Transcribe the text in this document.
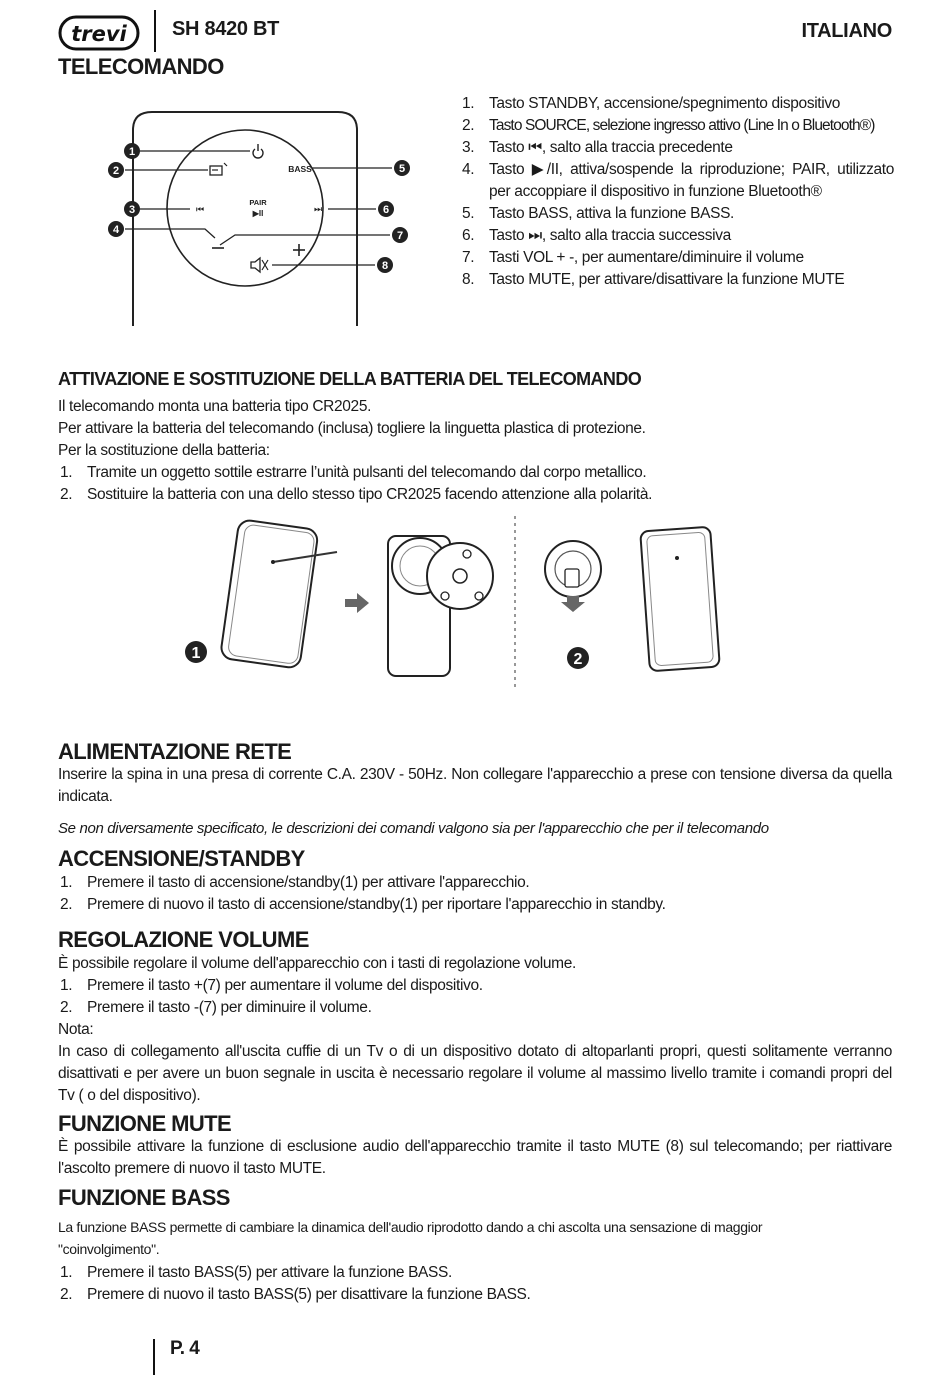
trevi SH 8420 BT	ITALIANO
TELECOMANDO
BASS
⏮
PAIR
▶II	⏭
1
2
3
4
5
6
7
8
1. Tasto STANDBY, accensione/spegnimento dispositivo
2. Tasto SOURCE, selezione ingresso attivo (Line In o Bluetooth®)
3. Tasto ⏮, salto alla traccia precedente
4. Tasto ▶/II, attiva/sospende la riproduzione; PAIR, utilizzato per accoppiare il dispositivo in funzione Bluetooth®
5. Tasto BASS, attiva la funzione BASS.
6. Tasto ⏭, salto alla traccia successiva
7. Tasti VOL + -, per aumentare/diminuire il volume
8. Tasto MUTE, per attivare/disattivare la funzione MUTE
ATTIVAZIONE E SOSTITUZIONE DELLA BATTERIA DEL TELECOMANDO

Il telecomando monta una batteria tipo CR2025.

Per attivare la batteria del telecomando (inclusa) togliere la linguetta plastica di protezione.

Per la sostituzione della batteria:

1. Tramite un oggetto sottile estrarre l’unità pulsanti del telecomando dal corpo metallico.
2. Sostituire la batteria con una dello stesso tipo CR2025 facendo attenzione alla polarità.
1	2
ALIMENTAZIONE RETE
Inserire la spina in una presa di corrente C.A. 230V - 50Hz. Non collegare l'apparecchio a prese con tensione diversa da quella indicata.
Se non diversamente specificato, le descrizioni dei comandi valgono sia per l'apparecchio che per il telecomando
ACCENSIONE/STANDBY
1. Premere il tasto di accensione/standby(1) per attivare l'apparecchio.
2. Premere di nuovo il tasto di accensione/standby(1) per riportare l'apparecchio in standby.
REGOLAZIONE VOLUME

È possibile regolare il volume dell'apparecchio con i tasti di regolazione volume.

1. Premere il tasto +(7) per aumentare il volume del dispositivo.
2. Premere il tasto -(7) per diminuire il volume.

Nota:

In caso di collegamento all'uscita cuffie di un Tv o di un dispositivo dotato di altoparlanti propri, questi solitamente verranno disattivati e per avere un buon segnale in uscita è necessario regolare il volume al massimo livello tramite i comandi propri del Tv ( o del dispositivo).

FUNZIONE MUTE
È possibile attivare la funzione di esclusione audio dell'apparecchio tramite il tasto MUTE (8) sul telecomando; per riattivare l'ascolto premere di nuovo il tasto MUTE.
FUNZIONE BASS
La funzione BASS permette di cambiare la dinamica dell'audio riprodotto dando a chi ascolta una sensazione di maggior "coinvolgimento".
1. Premere il tasto BASS(5) per attivare la funzione BASS.
2. Premere di nuovo il tasto BASS(5) per disattivare la funzione BASS.
P. 4
